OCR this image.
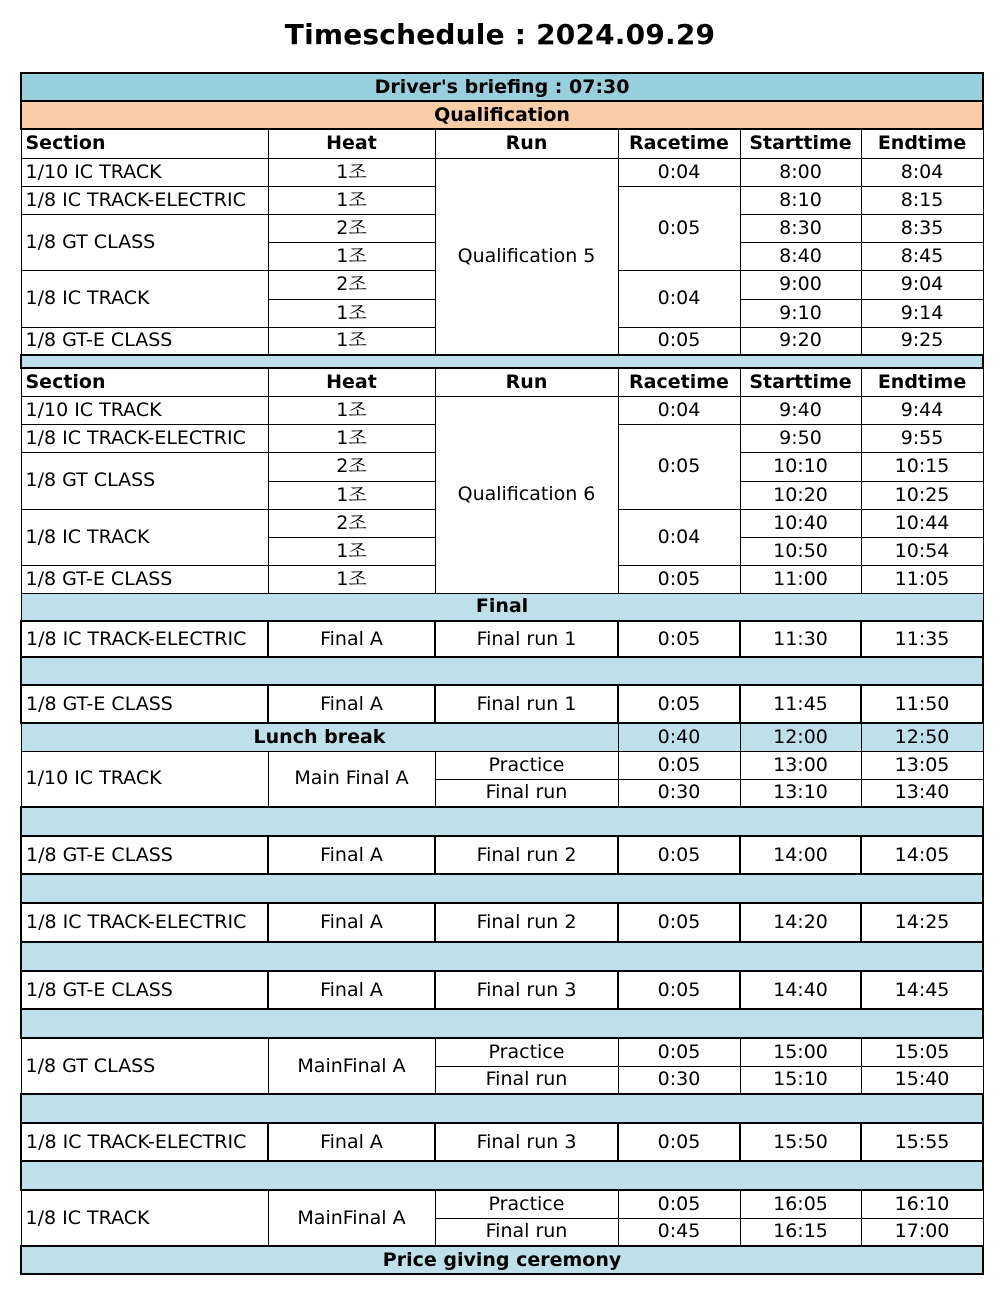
Timeschedule : 2024.09.29
Driver's briefing : 07:30					
Qualification					
Section	Heat	Run	Racetime	Starttime	Endtime
1/10 IC TRACK	1조	Qualification 5	0:04	8:00	8:04
1/8 IC TRACK-ELECTRIC	1조		0:05	8:10	8:15
1/8 GT CLASS	2조			8:30	8:35
	1조			8:40	8:45
1/8 IC TRACK	2조		0:04	9:00	9:04
	1조			9:10	9:14
1/8 GT-E CLASS	1조		0:05	9:20	9:25

Section	Heat	Run	Racetime	Starttime	Endtime
1/10 IC TRACK	1조	Qualification 6	0:04	9:40	9:44
1/8 IC TRACK-ELECTRIC	1조		0:05	9:50	9:55
1/8 GT CLASS	2조			10:10	10:15
	1조			10:20	10:25
1/8 IC TRACK	2조		0:04	10:40	10:44
	1조			10:50	10:54
1/8 GT-E CLASS	1조		0:05	11:00	11:05
Final					
1/8 IC TRACK-ELECTRIC	Final A	Final run 1	0:05	11:30	11:35

1/8 GT-E CLASS	Final A	Final run 1	0:05	11:45	11:50
Lunch break			0:40	12:00	12:50
1/10 IC TRACK	Main Final A	Practice	0:05	13:00	13:05
		Final run	0:30	13:10	13:40

1/8 GT-E CLASS	Final A	Final run 2	0:05	14:00	14:05

1/8 IC TRACK-ELECTRIC	Final A	Final run 2	0:05	14:20	14:25

1/8 GT-E CLASS	Final A	Final run 3	0:05	14:40	14:45

1/8 GT CLASS	MainFinal A	Practice	0:05	15:00	15:05
		Final run	0:30	15:10	15:40

1/8 IC TRACK-ELECTRIC	Final A	Final run 3	0:05	15:50	15:55

1/8 IC TRACK	MainFinal A	Practice	0:05	16:05	16:10
		Final run	0:45	16:15	17:00
Price giving ceremony					
